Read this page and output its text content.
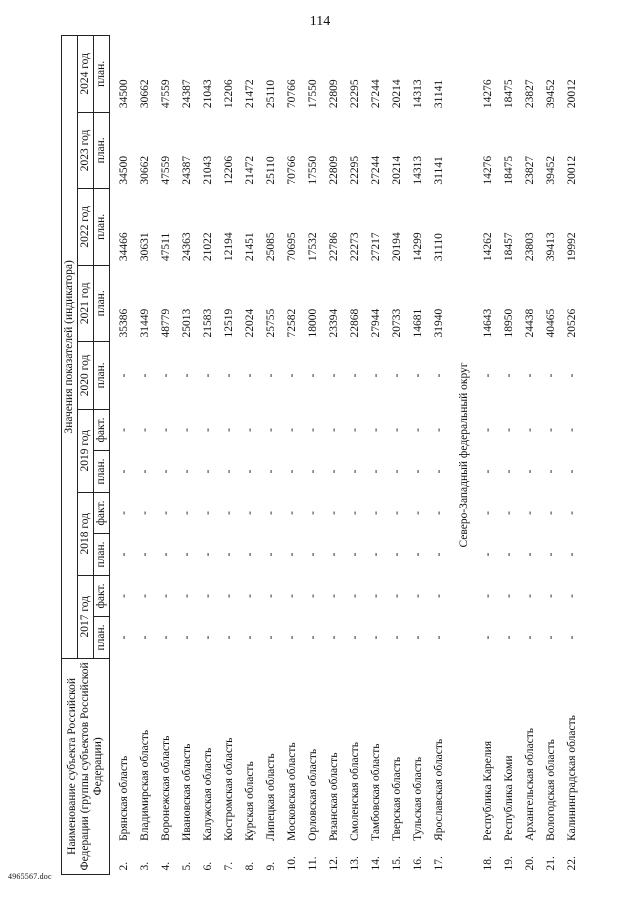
114
Наименование субъекта Российской Федерации (группы субъектов Российской Федерации)		Значения показателей (индикатора)										
		2017 год		2018 год		2019 год		2020 год	2021 год	2022 год	2023 год	2024 год
		план.	факт.	план.	факт.	план.	факт.	план.	план.	план.	план.	план.

2.	Брянская область	-	-	-	-	-	-	-	35386	34466	34500	34500
3.	Владимирская область	-	-	-	-	-	-	-	31449	30631	30662	30662
4.	Воронежская область	-	-	-	-	-	-	-	48779	47511	47559	47559
5.	Ивановская область	-	-	-	-	-	-	-	25013	24363	24387	24387
6.	Калужская область	-	-	-	-	-	-	-	21583	21022	21043	21043
7.	Костромская область	-	-	-	-	-	-	-	12519	12194	12206	12206
8.	Курская область	-	-	-	-	-	-	-	22024	21451	21472	21472
9.	Липецкая область	-	-	-	-	-	-	-	25755	25085	25110	25110
10.	Московская область	-	-	-	-	-	-	-	72582	70695	70766	70766
11.	Орловская область	-	-	-	-	-	-	-	18000	17532	17550	17550
12.	Рязанская область	-	-	-	-	-	-	-	23394	22786	22809	22809
13.	Смоленская область	-	-	-	-	-	-	-	22868	22273	22295	22295
14.	Тамбовская область	-	-	-	-	-	-	-	27944	27217	27244	27244
15.	Тверская область	-	-	-	-	-	-	-	20733	20194	20214	20214
16.	Тульская область	-	-	-	-	-	-	-	14681	14299	14313	14313
17.	Ярославская область	-	-	-	-	-	-	-	31940	31110	31141	31141
Северо-Западный федеральный округ												
18.	Республика Карелия	-	-	-	-	-	-	-	14643	14262	14276	14276
19.	Республика Коми	-	-	-	-	-	-	-	18950	18457	18475	18475
20.	Архангельская область	-	-	-	-	-	-	-	24438	23803	23827	23827
21.	Вологодская область	-	-	-	-	-	-	-	40465	39413	39452	39452
22.	Калининградская область	-	-	-	-	-	-	-	20526	19992	20012	20012
4965567.doc
